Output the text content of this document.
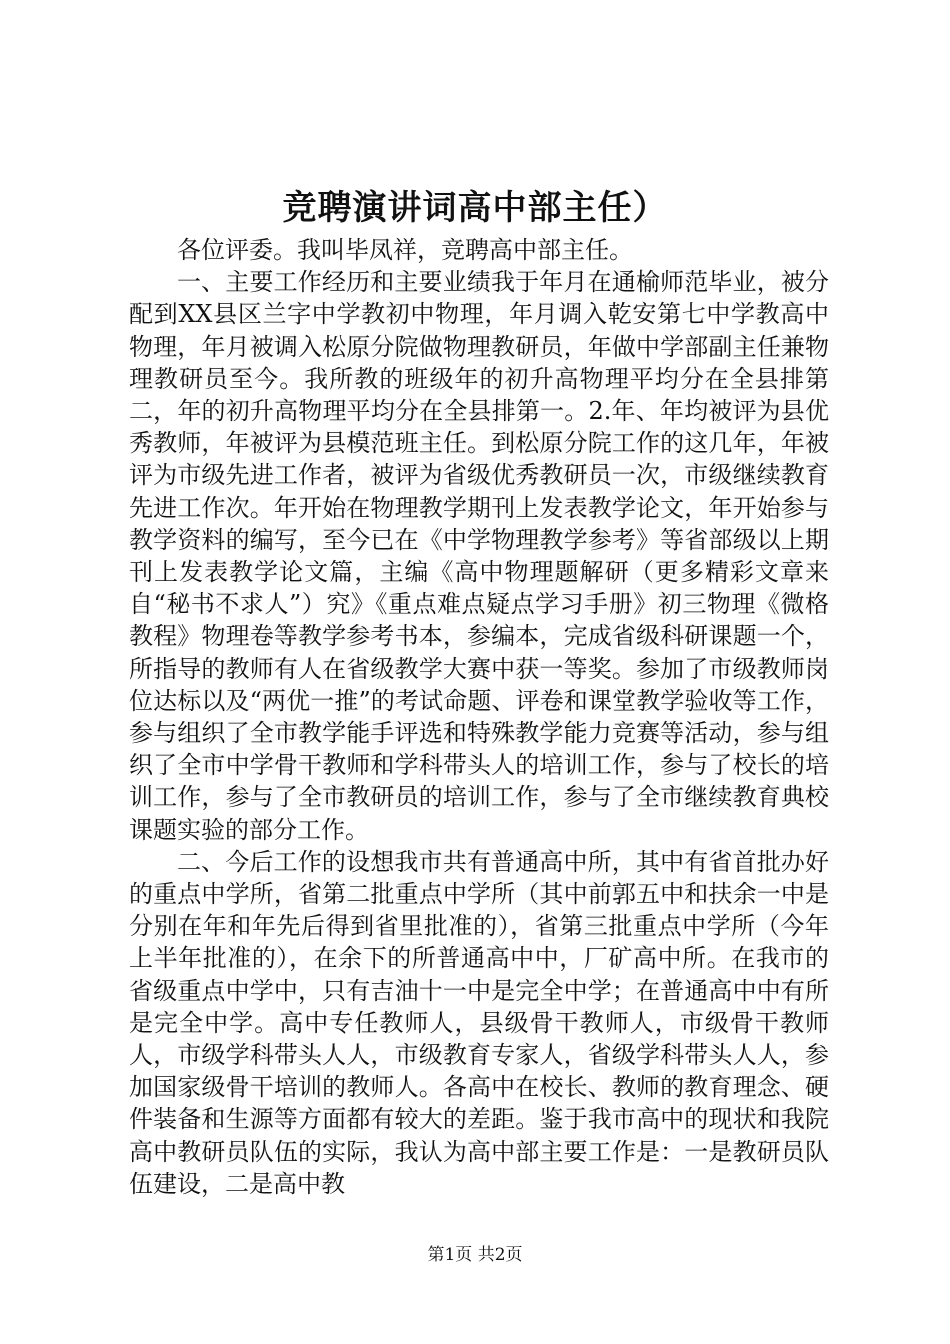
竞聘演讲词高中部主任）

各位评委。我叫毕凤祥，竞聘高中部主任。

一、主要工作经历和主要业绩我于年月在通榆师范毕业，被分配到XX县区兰字中学教初中物理，年月调入乾安第七中学教高中物理，年月被调入松原分院做物理教研员，年做中学部副主任兼物理教研员至今。我所教的班级年的初升高物理平均分在全县排第二，年的初升高物理平均分在全县排第一。2.年、年均被评为县优秀教师，年被评为县模范班主任。到松原分院工作的这几年，年被评为市级先进工作者，被评为省级优秀教研员一次，市级继续教育先进工作次。年开始在物理教学期刊上发表教学论文，年开始参与教学资料的编写，至今已在《中学物理教学参考》等省部级以上期刊上发表教学论文篇，主编《高中物理题解研（更多精彩文章来自“秘书不求人”）究》《重点难点疑点学习手册》初三物理《微格教程》物理卷等教学参考书本，参编本，完成省级科研课题一个，所指导的教师有人在省级教学大赛中获一等奖。参加了市级教师岗位达标以及“两优一推”的考试命题、评卷和课堂教学验收等工作，参与组织了全市教学能手评选和特殊教学能力竞赛等活动，参与组织了全市中学骨干教师和学科带头人的培训工作，参与了校长的培训工作，参与了全市教研员的培训工作，参与了全市继续教育典校课题实验的部分工作。

二、今后工作的设想我市共有普通高中所，其中有省首批办好的重点中学所，省第二批重点中学所（其中前郭五中和扶余一中是分别在年和年先后得到省里批准的），省第三批重点中学所（今年上半年批准的），在余下的所普通高中中，厂矿高中所。在我市的省级重点中学中，只有吉油十一中是完全中学；在普通高中中有所是完全中学。高中专任教师人，县级骨干教师人，市级骨干教师人，市级学科带头人人，市级教育专家人，省级学科带头人人，参加国家级骨干培训的教师人。各高中在校长、教师的教育理念、硬件装备和生源等方面都有较大的差距。鉴于我市高中的现状和我院高中教研员队伍的实际，我认为高中部主要工作是：一是教研员队伍建设，二是高中教

第1页 共2页
